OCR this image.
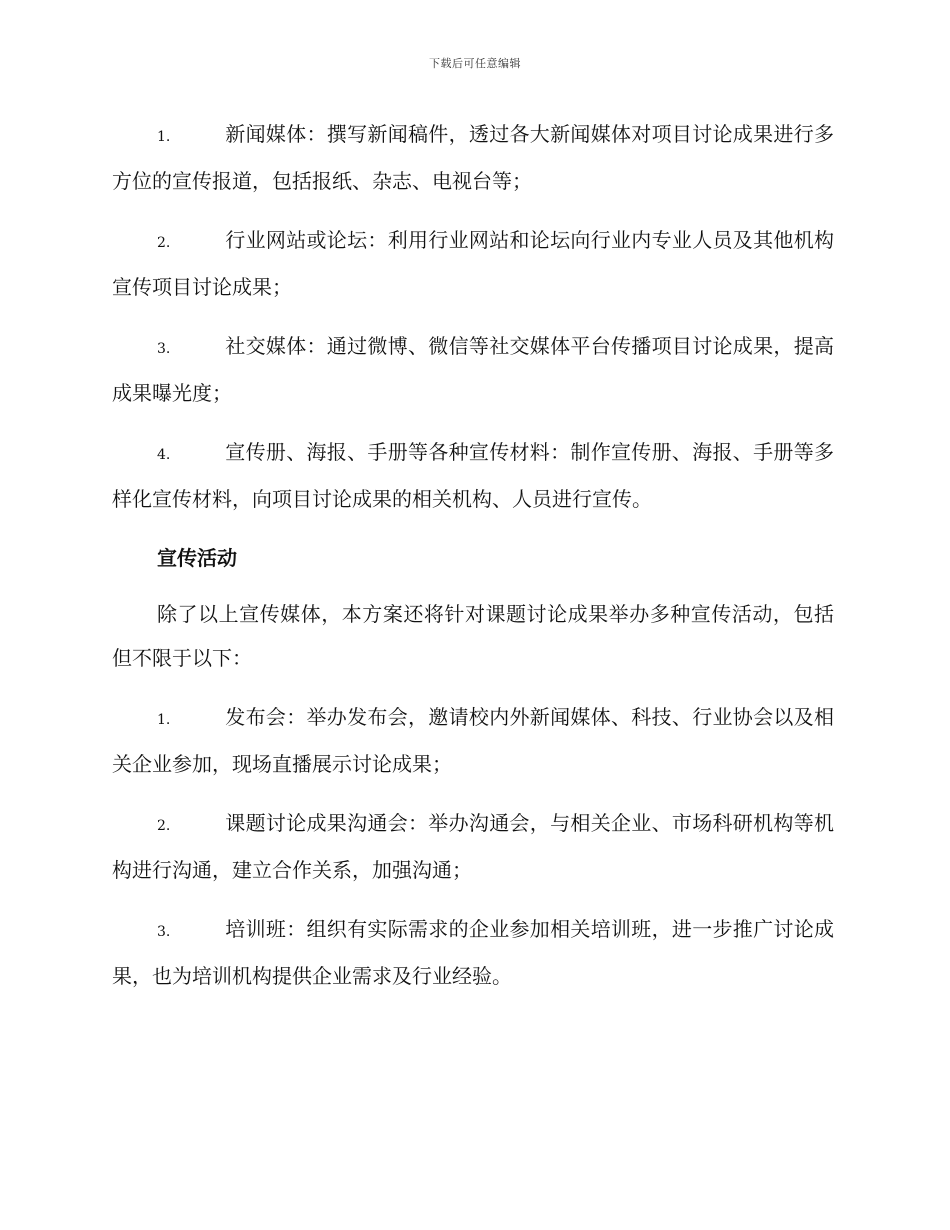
下载后可任意编辑
1.	新闻媒体：撰写新闻稿件，透过各大新闻媒体对项目讨论成果进行多方位的宣传报道，包括报纸、杂志、电视台等；
2.	行业网站或论坛：利用行业网站和论坛向行业内专业人员及其他机构宣传项目讨论成果；
3.	社交媒体：通过微博、微信等社交媒体平台传播项目讨论成果，提高成果曝光度；
4.	宣传册、海报、手册等各种宣传材料：制作宣传册、海报、手册等多样化宣传材料，向项目讨论成果的相关机构、人员进行宣传。
宣传活动
除了以上宣传媒体，本方案还将针对课题讨论成果举办多种宣传活动，包括但不限于以下：
1.	发布会：举办发布会，邀请校内外新闻媒体、科技、行业协会以及相关企业参加，现场直播展示讨论成果；
2.	课题讨论成果沟通会：举办沟通会，与相关企业、市场科研机构等机构进行沟通，建立合作关系，加强沟通；
3.	培训班：组织有实际需求的企业参加相关培训班，进一步推广讨论成果，也为培训机构提供企业需求及行业经验。
